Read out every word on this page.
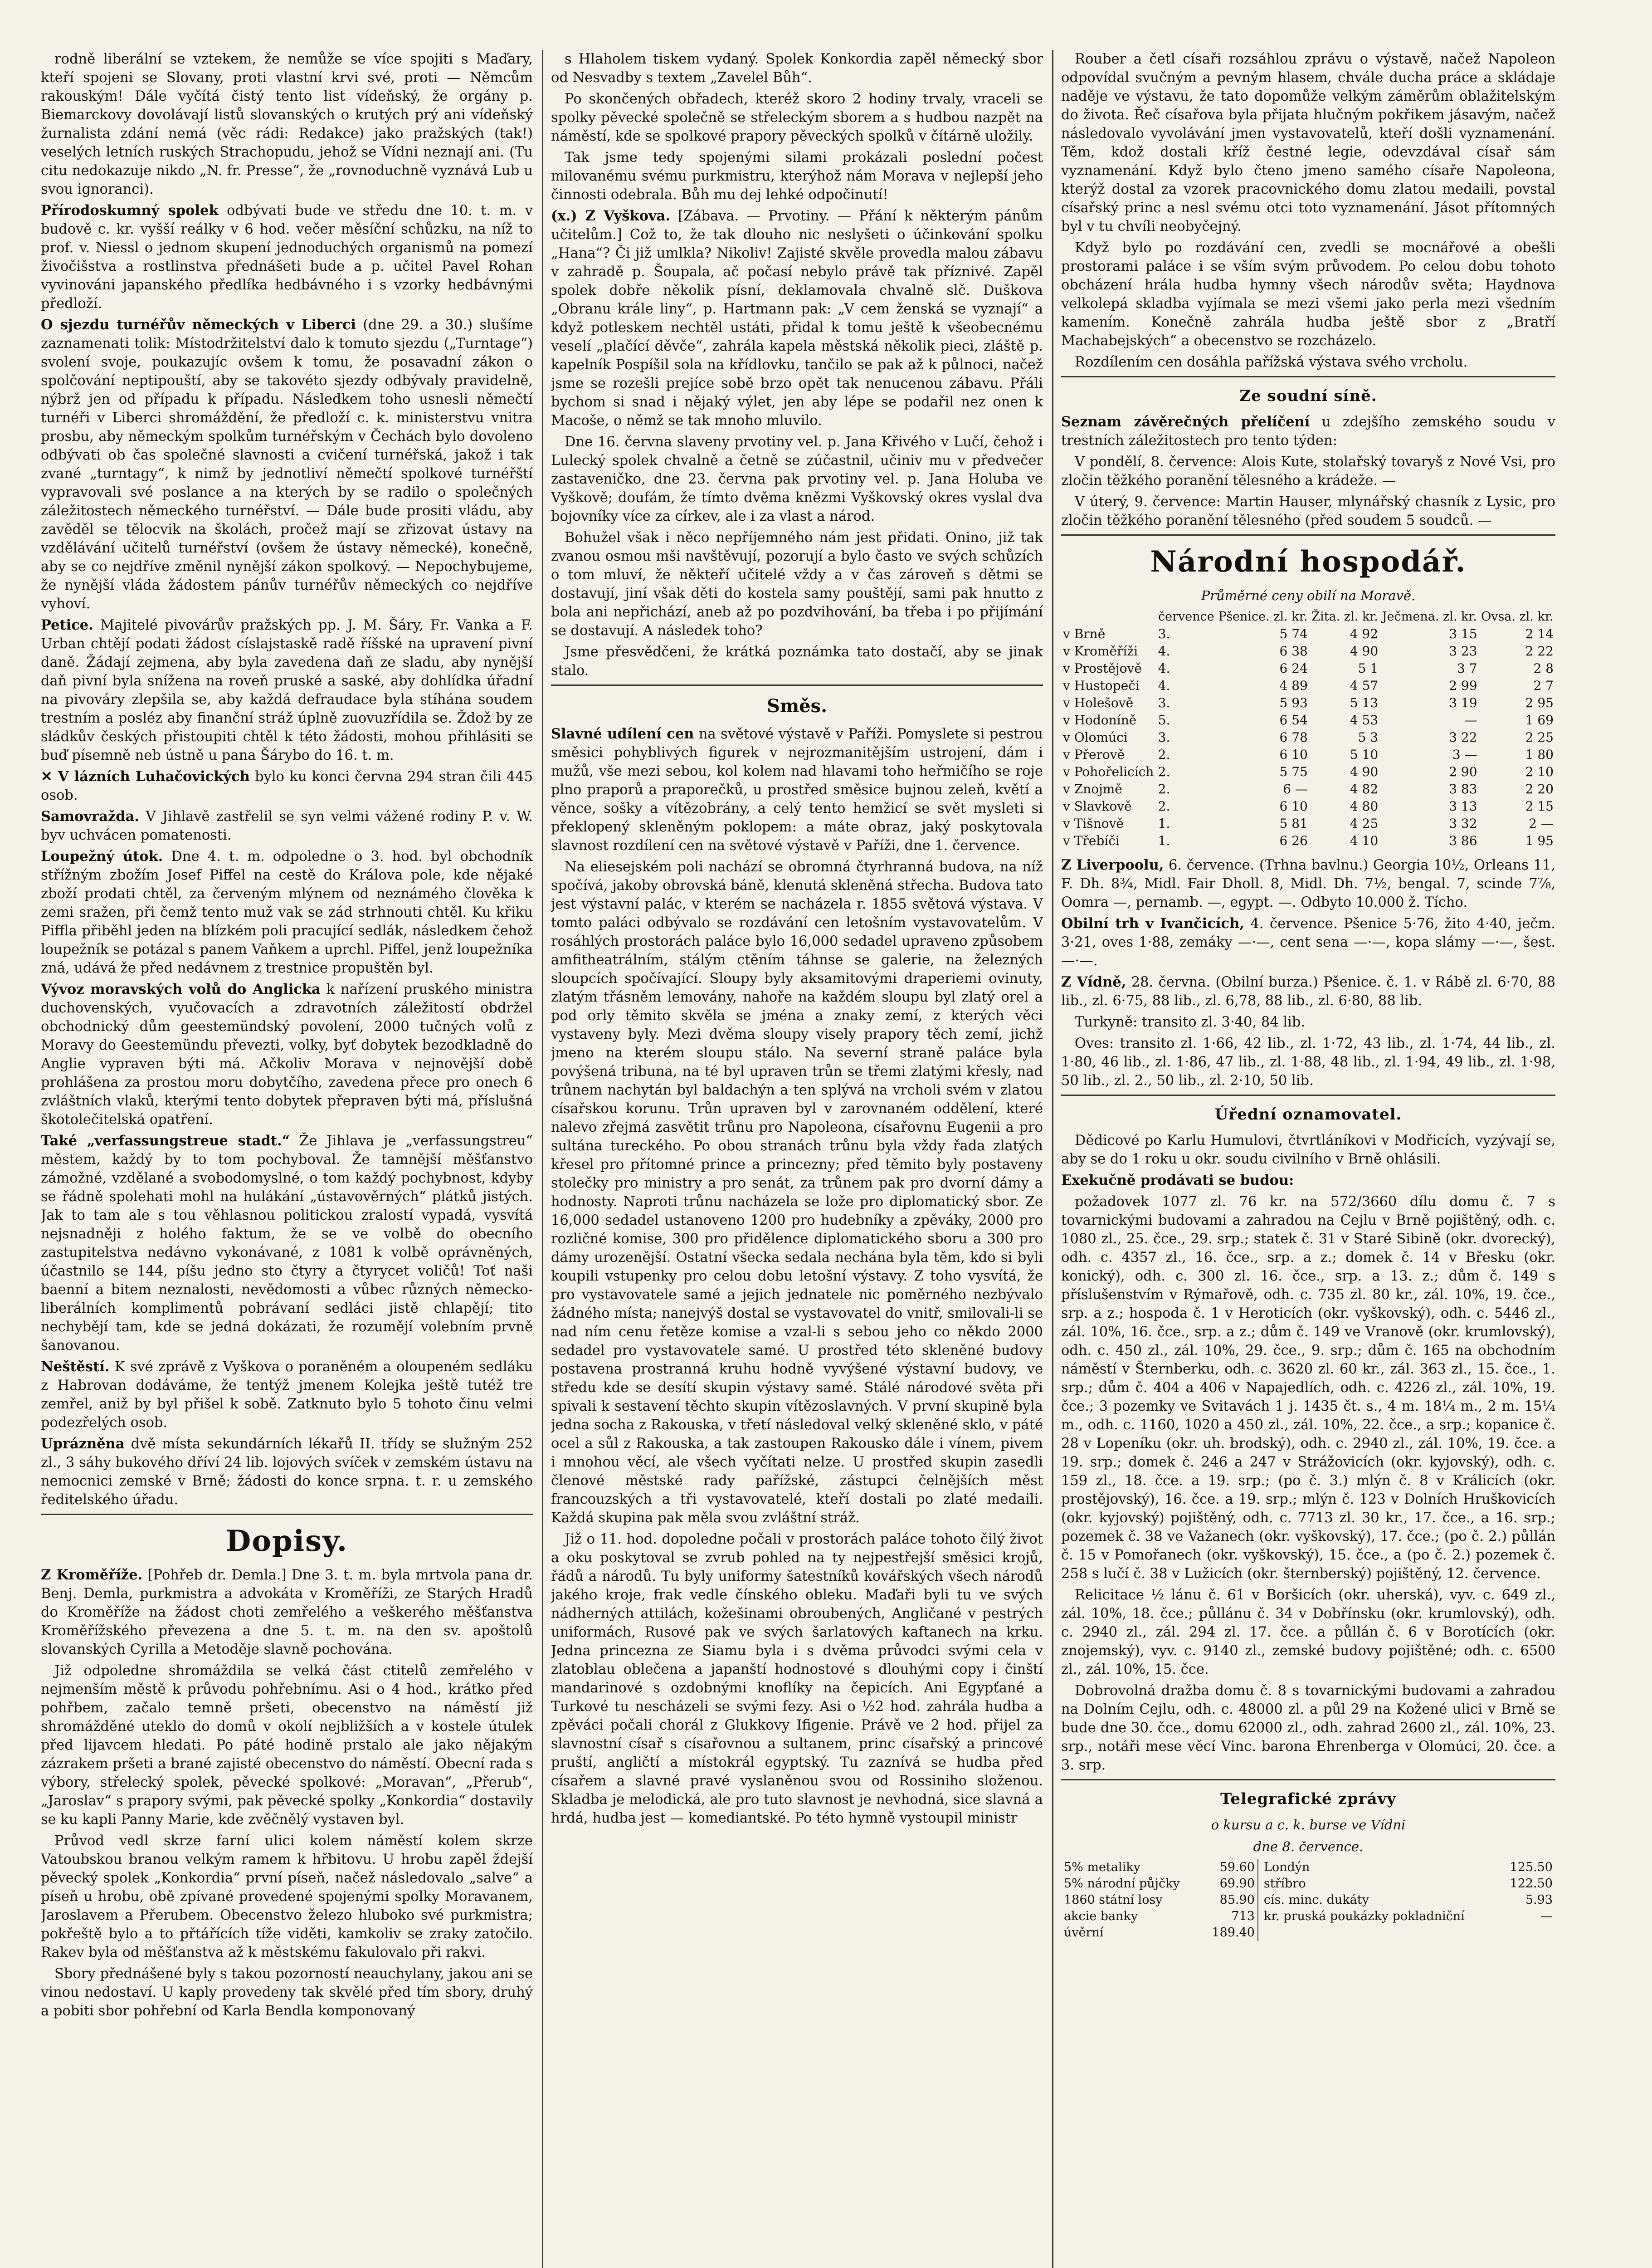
rodně liberální se vztekem, že nemůže se více spojiti s Maďary, kteří spojeni se Slovany, proti vlastní krvi své, proti — Němcům rakouským! Dále vyčítá čistý tento list vídeňský, že orgány p. Biemarckovy dovolávají listů slovanských o krutých prý ani vídeňský žurnalista zdání nemá (věc rádi: Redakce) jako pražských (tak!) veselých letních ruských Strachopudu, jehož se Vídni neznají ani. (Tu citu nedokazuje nikdo „N. fr. Presse“, že „rovnoduchně vyznává Lub u svou ignoranci).

Přírodoskumný spolek odbývati bude ve středu dne 10. t. m. v budově c. kr. vyšší reálky v 6 hod. večer měsíční schůzku, na níž to prof. v. Niessl o jednom skupení jednoduchých organismů na pomezí živočišstva a rostlinstva přednášeti bude a p. učitel Pavel Rohan vyvinováni japanského předlíka hedbávného i s vzorky hedbávnými předloží.

O sjezdu turnéřův německých v Liberci (dne 29. a 30.) slušíme zaznamenati tolik: Místodržitelství dalo k tomuto sjezdu („Turntage“) svolení svoje, poukazujíc ovšem k tomu, že posavadní zákon o spolčování neptipouští, aby se takovéto sjezdy odbývaly pravidelně, nýbrž jen od případu k případu. Následkem toho usnesli němečtí turnéři v Liberci shromáždění, že předloží c. k. ministerstvu vnitra prosbu, aby německým spolkům turnéřským v Čechách bylo dovoleno odbývati ob čas společné slavnosti a cvičení turnéřská, jakož i tak zvané „turntagy“, k nimž by jednotliví němečtí spolkové turnéřští vypravovali své poslance a na kterých by se radilo o společných záležitostech německého turnéřství. — Dále bude prositi vládu, aby zavěděl se tělocvik na školách, pročež mají se zřizovat ústavy na vzdělávání učitelů turnéřství (ovšem že ústavy německé), konečně, aby se co nejdříve změnil nynější zákon spolkový. — Nepochybujeme, že nynější vláda žádostem pánův turnéřův německých co nejdříve vyhoví.

Petice. Majitelé pivovárův pražských pp. J. M. Šáry, Fr. Vanka a F. Urban chtějí podati žádost císlajstaskě radě říšské na upravení pivní daně. Žádají zejmena, aby byla zavedena daň ze sladu, aby nynější daň pivní byla snížena na roveň pruské a saské, aby dohlídka úřadní na pivováry zlepšila se, aby každá defraudace byla stíhána soudem trestním a posléz aby finanční stráž úplně zuovuzřídila se. Ždož by ze sládkův českých přistoupiti chtěl k této žádosti, mohou přihlásiti se buď písemně neb ústně u pana Šárybo do 16. t. m.

✕ V lázních Luhačovických bylo ku konci června 294 stran čili 445 osob.

Samovražda. V Jihlavě zastřelil se syn velmi vážené rodiny P. v. W. byv uchvácen pomatenosti.

Loupežný útok. Dne 4. t. m. odpoledne o 3. hod. byl obchodník střížným zbožím Josef Piffel na cestě do Králova pole, kde nějaké zboží prodati chtěl, za červeným mlýnem od neznámého člověka k zemi sražen, při čemž tento muž vak se zád strhnouti chtěl. Ku křiku Piffla přiběhl jeden na blízkém poli pracující sedlák, následkem čehož loupežník se potázal s panem Vaňkem a uprchl. Piffel, jenž loupežníka zná, udává že před nedávnem z trestnice propuštěn byl.

Vývoz moravských volů do Anglicka k nařízení pruského ministra duchovenských, vyučovacích a zdravotních záležitostí obdržel obchodnický dům geestemündský povolení, 2000 tučných volů z Moravy do Geestemündu převezti, volky, byť dobytek bezodkladně do Anglie vypraven býti má. Ačkoliv Morava v nejnovější době prohlášena za prostou moru dobytčího, zavedena přece pro onech 6 zvláštních vlaků, kterými tento dobytek přepraven býti má, příslušná škotolečitelská opatření.

Také „verfassungstreue stadt.“ Že Jihlava je „verfassungstreu“ městem, každý by to tom pochyboval. Že tamnější měšťanstvo zámožné, vzdělané a svobodomyslné, o tom každý pochybnost, kdyby se řádně spolehati mohl na hulákání „ústavověrných“ plátků jistých. Jak to tam ale s tou věhlasnou politickou zralostí vypadá, vysvítá nejsnadněji z holého faktum, že se ve volbě do obecního zastupitelstva nedávno vykonávané, z 1081 k volbě oprávněných, účastnilo se 144, píšu jedno sto čtyry a čtyrycet voličů! Toť naši baenní a bitem neznalosti, nevědomosti a vůbec různých německo-liberálních komplimentů pobrávaní sedláci jistě chlapějí; tito nechybějí tam, kde se jedná dokázati, že rozumějí volebním prvně šanovanou.

Neštěstí. K své zprávě z Vyškova o poraněném a oloupeném sedláku z Habrovan dodáváme, že tentýž jmenem Kolejka ještě tutéž tre zemřel, aniž by byl přišel k sobě. Zatknuto bylo 5 tohoto činu velmi podezřelých osob.

Uprázněna dvě místa sekundárních lékařů II. třídy se služným 252 zl., 3 sáhy bukového dříví 24 lib. lojových svíček v zemském ústavu na nemocnici zemské v Brně; žádosti do konce srpna. t. r. u zemského ředitelského úřadu.

Dopisy.

Z Kroměříže. [Pohřeb dr. Demla.] Dne 3. t. m. byla mrtvola pana dr. Benj. Demla, purkmistra a advokáta v Kroměříži, ze Starých Hradů do Kroměříže na žádost choti zemřelého a veškerého měšťanstva Kroměřížského převezena a dne 5. t. m. na den sv. apoštolů slovanských Cyrilla a Metoděje slavně pochována.

Již odpoledne shromáždila se velká část ctitelů zemřelého v nejmenším městě k průvodu pohřebnímu. Asi o 4 hod., krátko před pohřbem, začalo temně pršeti, obecenstvo na náměstí již shromážděné uteklo do domů v okolí nejbližších a v kostele útulek před lijavcem hledati. Po páté hodině prstalo ale jako nějakým zázrakem pršeti a brané zajisté obecenstvo do náměstí. Obecní rada s výbory, střelecký spolek, pěvecké spolkové: „Moravan“, „Přerub“, „Jaroslav“ s prapory svými, pak pěvecké spolky „Konkordia“ dostavily se ku kapli Panny Marie, kde zvěčnělý vystaven byl.

Průvod vedl skrze farní ulici kolem náměstí kolem skrze Vatoubskou branou velkým ramem k hřbitovu. U hrobu zapěl ždejší pěvecký spolek „Konkordia“ první píseň, načež následovalo „salve“ a píseň u hrobu, obě zpívané provedené spojenými spolky Moravanem, Jaroslavem a Přerubem. Obecenstvo železo hluboko své purkmistra; pokřeště bylo a to přtářících tíže viděti, kamkoliv se zraky zatočilo. Rakev byla od měšťanstva až k městskému fakulovalo při rakvi.

Sbory přednášené byly s takou pozorností neauchylany, jakou ani se vinou nedostaví. U kaply provedeny tak skvělé před tím sbory, druhý a pobiti sbor pohřební od Karla Bendla komponovaný

s Hlaholem tiskem vydaný. Spolek Konkordia zapěl německý sbor od Nesvadby s textem „Zavelel Bůh“.

Po skončených obřadech, kteréž skoro 2 hodiny trvaly, vraceli se spolky pěvecké společně se střeleckým sborem a s hudbou nazpět na náměstí, kde se spolkové prapory pěveckých spolků v čítárně uložily.

Tak jsme tedy spojenými silami prokázali poslední počest milovanému svému purkmistru, kterýhož nám Morava v nejlepší jeho činnosti odebrala. Bůh mu dej lehké odpočinutí!

(x.) Z Vyškova. [Zábava. — Prvotiny. — Přání k některým pánům učitelům.] Což to, že tak dlouho nic neslyšeti o účinkování spolku „Hana“? Či již umlkla? Nikoliv! Zajisté skvěle provedla malou zábavu v zahradě p. Šoupala, ač počasí nebylo právě tak příznivé. Zapěl spolek dobře několik písní, deklamovala chvalně slč. Duškova „Obranu krále liny“, p. Hartmann pak: „V cem ženská se vyznají“ a když potleskem nechtěl ustáti, přidal k tomu ještě k všeobecnému veselí „plačící děvče“, zahrála kapela městská několik pieci, zláště p. kapelník Pospíšil sola na křídlovku, tančilo se pak až k půlnoci, načež jsme se rozešli prejíce sobě brzo opět tak nenucenou zábavu. Přáli bychom si snad i nějaký výlet, jen aby lépe se podařil nez onen k Macoše, o němž se tak mnoho mluvilo.

Dne 16. června slaveny prvotiny vel. p. Jana Křivého v Lučí, čehož i Lulecký spolek chvalně a četně se zúčastnil, učiniv mu v předvečer zastaveničko, dne 23. června pak prvotiny vel. p. Jana Holuba ve Vyškově; doufám, že tímto dvěma knězmi Vyškovský okres vyslal dva bojovníky více za církev, ale i za vlast a národ.

Bohužel však i něco nepříjemného nám jest přidati. Onino, již tak zvanou osmou mši navštěvují, pozorují a bylo často ve svých schůzích o tom mluví, že někteří učitelé vždy a v čas zároveň s dětmi se dostavují, jiní však děti do kostela samy pouštějí, sami pak hnutto z bola ani nepřichází, aneb až po pozdvihování, ba třeba i po přijímání se dostavují. A následek toho?

Jsme přesvědčeni, že krátká poznámka tato dostačí, aby se jinak stalo.

Směs.

Slavné udílení cen na světové výstavě v Paříži. Pomyslete si pestrou směsici pohyblivých figurek v nejrozmanitějším ustrojení, dám i mužů, vše mezi sebou, kol kolem nad hlavami toho heřmičího se roje plno praporů a praporečků, u prostřed směsice bujnou zeleň, květí a věnce, sošky a vítězobrány, a celý tento hemžicí se svět mysleti si překlopený skleněným poklopem: a máte obraz, jaký poskytovala slavnost rozdílení cen na světové výstavě v Paříži, dne 1. července.

Na eliesejském poli nachází se obromná čtyrhranná budova, na níž spočívá, jakoby obrovská báně, klenutá skleněná střecha. Budova tato jest výstavní palác, v kterém se nacházela r. 1855 světová výstava. V tomto paláci odbývalo se rozdávání cen letošním vystavovatelům. V rosáhlých prostorách paláce bylo 16,000 sedadel upraveno způsobem amfitheatrálním, stálým ctěním táhnse se galerie, na železných sloupcích spočívající. Sloupy byly aksamitovými draperiemi ovinuty, zlatým třásněm lemovány, nahoře na každém sloupu byl zlatý orel a pod orly těmito skvěla se jména a znaky zemí, z kterých věci vystaveny byly. Mezi dvěma sloupy visely prapory těch zemí, jichž jmeno na kterém sloupu stálo. Na severní straně paláce byla povýšená tribuna, na té byl upraven trůn se třemi zlatými křesly, nad trůnem nachytán byl baldachýn a ten splývá na vrcholi svém v zlatou císařskou korunu. Trůn upraven byl v zarovnaném oddělení, které nalevo zřejmá zasvětit trůnu pro Napoleona, císařovnu Eugenii a pro sultána tureckého. Po obou stranách trůnu byla vždy řada zlatých křesel pro přítomné prince a princezny; před těmito byly postaveny stolečky pro ministry a pro senát, za trůnem pak pro dvorní dámy a hodnosty. Naproti trůnu nacházela se lože pro diplomatický sbor. Ze 16,000 sedadel ustanoveno 1200 pro hudebníky a zpěváky, 2000 pro rozličné komise, 300 pro přidělence diplomatického sboru a 300 pro dámy urozenější. Ostatní všecka sedala nechána byla těm, kdo si byli koupili vstupenky pro celou dobu letošní výstavy. Z toho vysvítá, že pro vystavovatele samé a jejich jednatele nic poměrného nezbývalo žádného místa; nanejvýš dostal se vystavovatel do vnitř, smilovali-li se nad ním cenu řetěze komise a vzal-li s sebou jeho co někdo 2000 sedadel pro vystavovatele samé. U prostřed této skleněné budovy postavena prostranná kruhu hodně vyvýšené výstavní budovy, ve středu kde se desítí skupin výstavy samé. Stálé národové světa při spivali k sestavení těchto skupin vítězoslavných. V první skupině byla jedna socha z Rakouska, v třetí následoval velký skleněné sklo, v páté ocel a sůl z Rakouska, a tak zastoupen Rakousko dále i vínem, pivem i mnohou věcí, ale všech vyčítati nelze. U prostřed skupin zasedli členové městské rady pařížské, zástupci čelnějších měst francouzských a tři vystavovatelé, kteří dostali po zlaté medaili. Každá skupina pak měla svou zvláštní stráž.

Již o 11. hod. dopoledne počali v prostorách paláce tohoto čilý život a oku poskytoval se zvrub pohled na ty nejpestřejší směsici krojů, řádů a národů. Tu byly uniformy šatestníků kovářských všech národů jakého kroje, frak vedle čínského obleku. Maďaři byli tu ve svých nádherných attilách, kožešinami obroubených, Angličané v pestrých uniformách, Rusové pak ve svých šarlatových kaftanech na krku. Jedna princezna ze Siamu byla i s dvěma průvodci svými cela v zlatoblau oblečena a japanští hodnostové s dlouhými copy i činští mandarinové s ozdobnými knoflíky na čepicích. Ani Egypťané a Turkové tu nescházeli se svými fezy. Asi o ½2 hod. zahrála hudba a zpěváci počali chorál z Glukkovy Ifigenie. Právě ve 2 hod. přijel za slavnostní císař s císařovnou a sultanem, princ císařský a princové pruští, angličtí a místokrál egyptský. Tu zaznívá se hudba před císařem a slavné pravé vyslaněnou svou od Rossiniho složenou. Skladba je melodická, ale pro tuto slavnost je nevhodná, sice slavná a hrdá, hudba jest — komediantské. Po této hymně vystoupil ministr

Rouber a četl císaři rozsáhlou zprávu o výstavě, načež Napoleon odpovídal svučným a pevným hlasem, chvále ducha práce a skládaje naděje ve výstavu, že tato dopomůže velkým záměrům oblažitelským do života. Řeč císařova byla přijata hlučným pokřikem jásavým, načež následovalo vyvolávání jmen vystavovatelů, kteří došli vyznamenání. Těm, kdož dostali kříž čestné legie, odevzdával císař sám vyznamenání. Když bylo čteno jmeno samého císaře Napoleona, kterýž dostal za vzorek pracovnického domu zlatou medaili, povstal císařský princ a nesl svému otci toto vyznamenání. Jásot přítomných byl v tu chvíli neobyčejný.

Když bylo po rozdávání cen, zvedli se mocnářové a obešli prostorami paláce i se vším svým průvodem. Po celou dobu tohoto obcházení hrála hudba hymny všech národův světa; Haydnova velkolepá skladba vyjímala se mezi všemi jako perla mezi všedním kamením. Konečně zahrála hudba ještě sbor z „Bratří Machabejských“ a obecenstvo se rozcházelo.

Rozdílením cen dosáhla pařížská výstava svého vrcholu.

Ze soudní síně.

Seznam závěrečných přelíčení u zdejšího zemského soudu v trestních záležitostech pro tento týden:

V pondělí, 8. července: Alois Kute, stolařský tovaryš z Nové Vsi, pro zločin těžkého poranění tělesného a krádeže. —

V úterý, 9. července: Martin Hauser, mlynářský chasník z Lysic, pro zločin těžkého poranění tělesného (před soudem 5 soudců. —

Národní hospodář.
Průměrné ceny obilí na Moravě.
	července	Pšenice. zl. kr.	Žita. zl. kr.	Ječmena. zl. kr.	Ovsa. zl. kr.
v Brně	3.	5 74	4 92	3 15	2 14
v Kroměříži	4.	6 38	4 90	3 23	2 22
v Prostějově	4.	6 24	5 1	3 7	2 8
v Hustopeči	4.	4 89	4 57	2 99	2 7
v Holešově	3.	5 93	5 13	3 19	2 95
v Hodoníně	5.	6 54	4 53	—	1 69
v Olomúci	3.	6 78	5 3	3 22	2 25
v Přerově	2.	6 10	5 10	3 —	1 80
v Pohořelicích	2.	5 75	4 90	2 90	2 10
v Znojmě	2.	6 —	4 82	3 83	2 20
v Slavkově	2.	6 10	4 80	3 13	2 15
v Tišnově	1.	5 81	4 25	3 32	2 —
v Třebíči	1.	6 26	4 10	3 86	1 95

Z Liverpoolu, 6. července. (Trhna bavlnu.) Georgia 10½, Orleans 11, F. Dh. 8¾, Midl. Fair Dholl. 8, Midl. Dh. 7½, bengal. 7, scinde 7⅞, Oomra —, pernamb. —, egypt. —. Odbyto 10.000 ž. Tícho.

Obilní trh v Ivančicích, 4. července. Pšenice 5·76, žito 4·40, ječm. 3·21, oves 1·88, zemáky —·—, cent sena —·—, kopa slámy —·—, šest. —·—.

Z Vídně, 28. června. (Obilní burza.) Pšenice. č. 1. v Rábě zl. 6·70, 88 lib., zl. 6·75, 88 lib., zl. 6,78, 88 lib., zl. 6·80, 88 lib.

Turkyně: transito zl. 3·40, 84 lib.

Oves: transito zl. 1·66, 42 lib., zl. 1·72, 43 lib., zl. 1·74, 44 lib., zl. 1·80, 46 lib., zl. 1·86, 47 lib., zl. 1·88, 48 lib., zl. 1·94, 49 lib., zl. 1·98, 50 lib., zl. 2., 50 lib., zl. 2·10, 50 lib.

Úřední oznamovatel.

Dědicové po Karlu Humulovi, čtvrtláníkovi v Modřicích, vyzývají se, aby se do 1 roku u okr. soudu civilního v Brně ohlásili.

Exekučně prodávati se budou:

požadovek 1077 zl. 76 kr. na 572/3660 dílu domu č. 7 s tovarnickými budovami a zahradou na Cejlu v Brně pojištěný, odh. c. 1080 zl., 25. čce., 29. srp.; statek č. 31 v Staré Sibině (okr. dvorecký), odh. c. 4357 zl., 16. čce., srp. a z.; domek č. 14 v Břesku (okr. konický), odh. c. 300 zl. 16. čce., srp. a 13. z.; dům č. 149 s příslušenstvím v Rýmařově, odh. c. 735 zl. 80 kr., zál. 10%, 19. čce., srp. a z.; hospoda č. 1 v Heroticích (okr. vyškovský), odh. c. 5446 zl., zál. 10%, 16. čce., srp. a z.; dům č. 149 ve Vranově (okr. krumlovský), odh. c. 450 zl., zál. 10%, 29. čce., 9. srp.; dům č. 165 na obchodním náměstí v Šternberku, odh. c. 3620 zl. 60 kr., zál. 363 zl., 15. čce., 1. srp.; dům č. 404 a 406 v Napajedlích, odh. c. 4226 zl., zál. 10%, 19. čce.; 3 pozemky ve Svitavách 1 j. 1435 čt. s., 4 m. 18¼ m., 2 m. 15¼ m., odh. c. 1160, 1020 a 450 zl., zál. 10%, 22. čce., a srp.; kopanice č. 28 v Lopeníku (okr. uh. brodský), odh. c. 2940 zl., zál. 10%, 19. čce. a 19. srp.; domek č. 246 a 247 v Strážovicích (okr. kyjovský), odh. c. 159 zl., 18. čce. a 19. srp.; (po č. 3.) mlýn č. 8 v Králicích (okr. prostějovský), 16. čce. a 19. srp.; mlýn č. 123 v Dolních Hruškovicích (okr. kyjovský) pojištěný, odh. c. 7713 zl. 30 kr., 17. čce., a 16. srp.; pozemek č. 38 ve Važanech (okr. vyškovský), 17. čce.; (po č. 2.) půllán č. 15 v Pomořanech (okr. vyškovský), 15. čce., a (po č. 2.) pozemek č. 258 s lučí č. 38 v Lužicích (okr. šternberský) pojištěný, 12. července.

Relicitace ½ lánu č. 61 v Boršicích (okr. uherská), vyv. c. 649 zl., zál. 10%, 18. čce.; půllánu č. 34 v Dobřínsku (okr. krumlovský), odh. c. 2940 zl., zál. 294 zl. 17. čce. a půllán č. 6 v Borotících (okr. znojemský), vyv. c. 9140 zl., zemské budovy pojištěné; odh. c. 6500 zl., zál. 10%, 15. čce.

Dobrovolná dražba domu č. 8 s tovarnickými budovami a zahradou na Dolním Cejlu, odh. c. 48000 zl. a půl 29 na Kožené ulici v Brně se bude dne 30. čce., domu 62000 zl., odh. zahrad 2600 zl., zál. 10%, 23. srp., notáři mese věcí Vinc. barona Ehrenberga v Olomúci, 20. čce. a 3. srp.

Telegrafické zprávy
o kursu a c. k. burse ve Vídni
dne 8. července.
5% metaliky	59.60		Londýn	125.50
5% národní půjčky	69.90		stříbro	122.50
1860 státní losy	85.90		cís. minc. dukáty	5.93
akcie banky	713		kr. pruská poukázky pokladniční	—
úvěrní	189.40			
